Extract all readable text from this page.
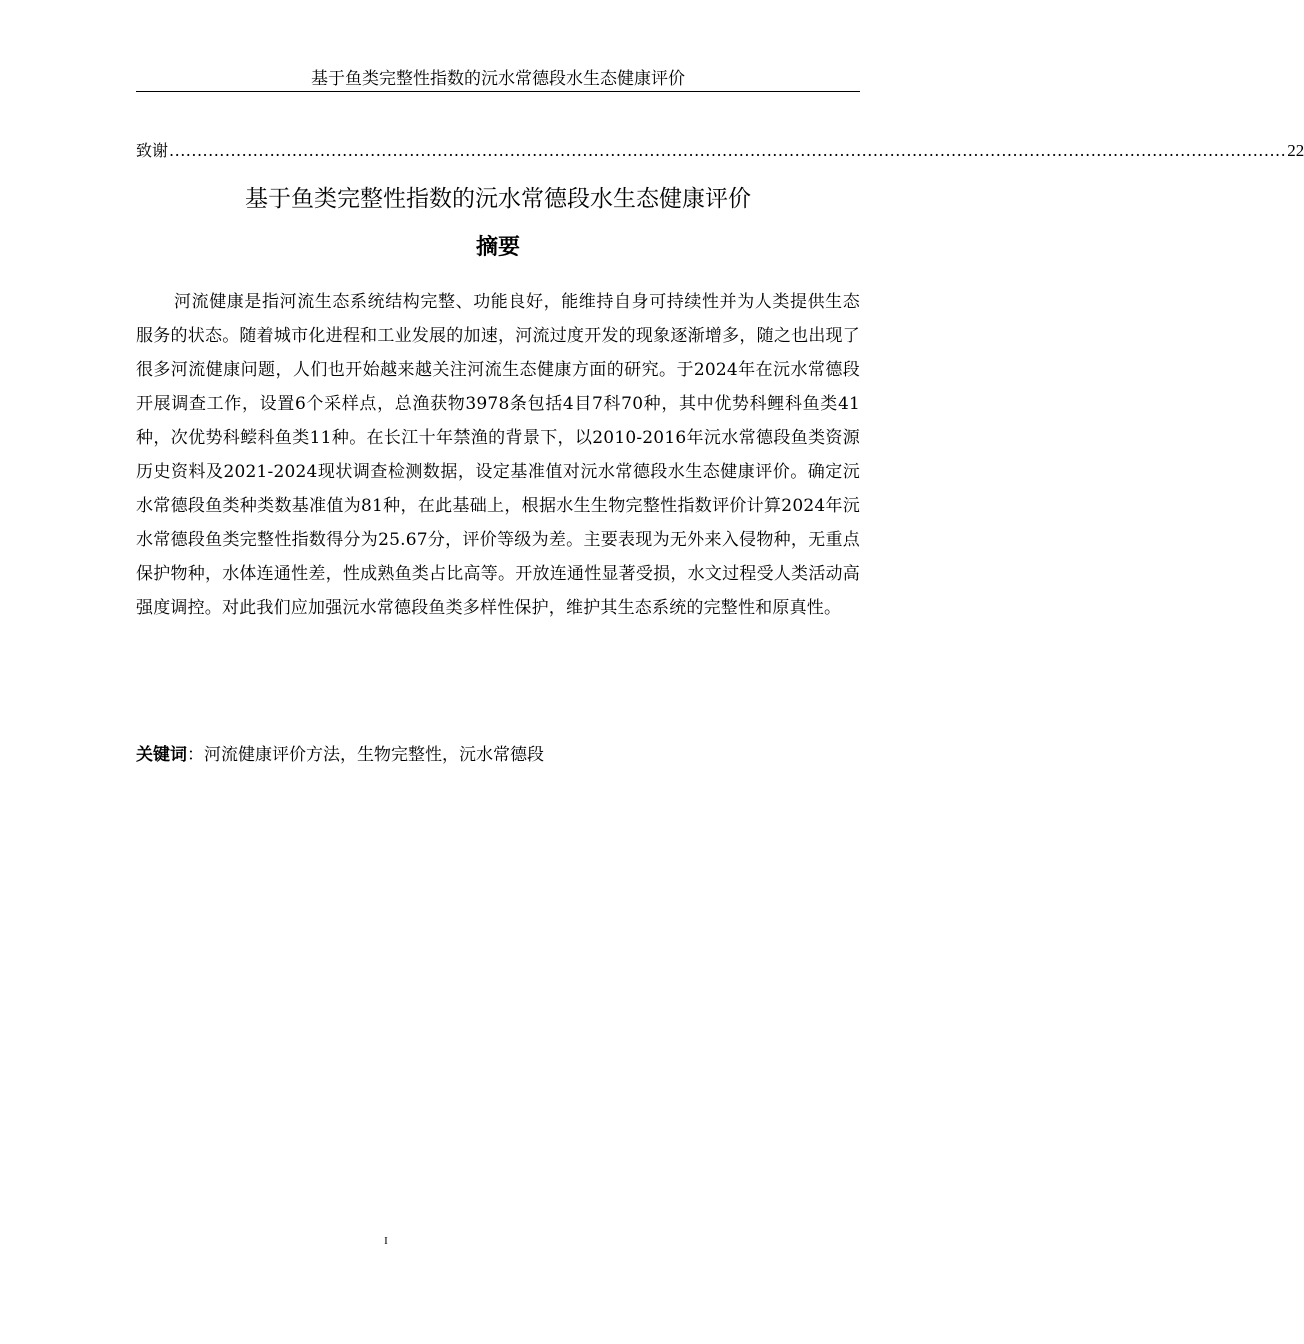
基于鱼类完整性指数的沅水常德段水生态健康评价
致谢 ........................................................................................................................................................................................................ 22
基于鱼类完整性指数的沅水常德段水生态健康评价
摘要

河流健康是指河流生态系统结构完整、功能良好，能维持自身可持续性并为人类提供生态服务的状态。随着城市化进程和工业发展的加速，河流过度开发的现象逐渐增多，随之也出现了很多河流健康问题，人们也开始越来越关注河流生态健康方面的研究。于2024年在沅水常德段开展调查工作，设置6个采样点，总渔获物3978条包括4目7科70种，其中优势科鲤科鱼类41种，次优势科鲿科鱼类11种。在长江十年禁渔的背景下，以2010-2016年沅水常德段鱼类资源历史资料及2021-2024现状调查检测数据，设定基准值对沅水常德段水生态健康评价。确定沅水常德段鱼类种类数基准值为81种，在此基础上，根据水生生物完整性指数评价计算2024年沅水常德段鱼类完整性指数得分为25.67分，评价等级为差。主要表现为无外来入侵物种，无重点保护物种，水体连通性差，性成熟鱼类占比高等。开放连通性显著受损，水文过程受人类活动高强度调控。对此我们应加强沅水常德段鱼类多样性保护，维护其生态系统的完整性和原真性。

关键词：河流健康评价方法，生物完整性，沅水常德段
I
